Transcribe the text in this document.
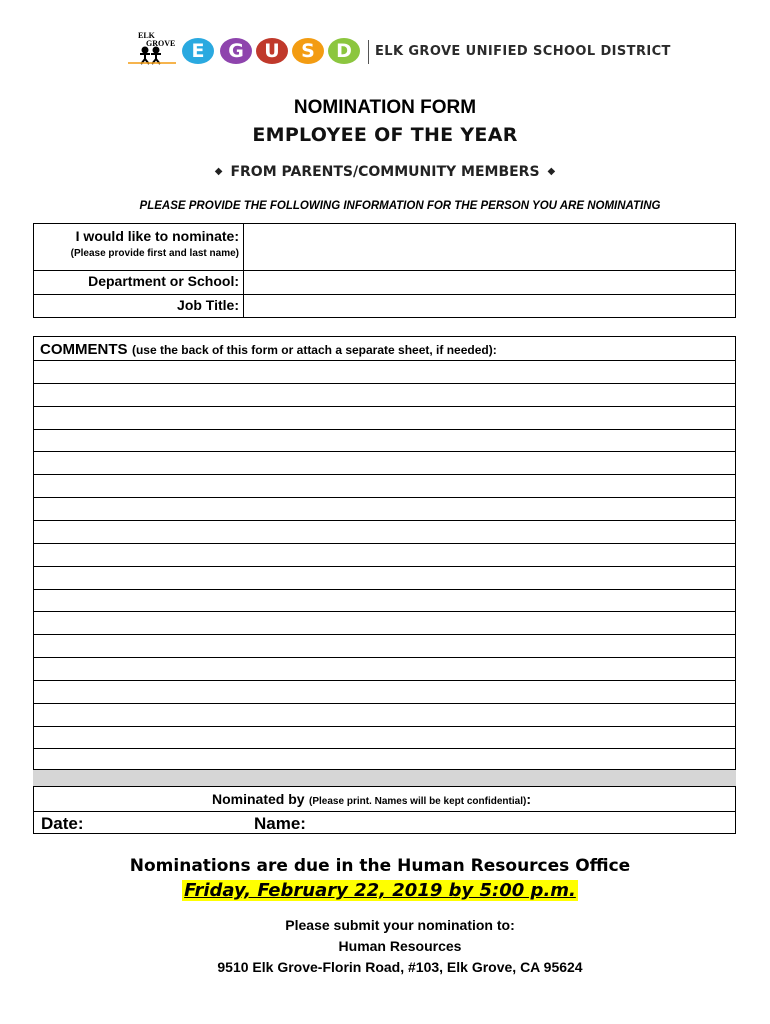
ELK
GROVE E	G	U	S	D	ELK GROVE UNIFIED SCHOOL DISTRICT
NOMINATION FORM
EMPLOYEE OF THE YEAR
◆ FROM PARENTS/COMMUNITY MEMBERS ◆
PLEASE PROVIDE THE FOLLOWING INFORMATION FOR THE PERSON YOU ARE NOMINATING
I would like to nominate:
(Please provide first and last name)
Department or School:
Job Title:
COMMENTS (use the back of this form or attach a separate sheet, if needed):
Nominated by (Please print. Names will be kept confidential):
Date:	Name:
Nominations are due in the Human Resources Office
Friday, February 22, 2019 by 5:00 p.m.
Please submit your nomination to:
Human Resources
9510 Elk Grove-Florin Road, #103, Elk Grove, CA 95624
